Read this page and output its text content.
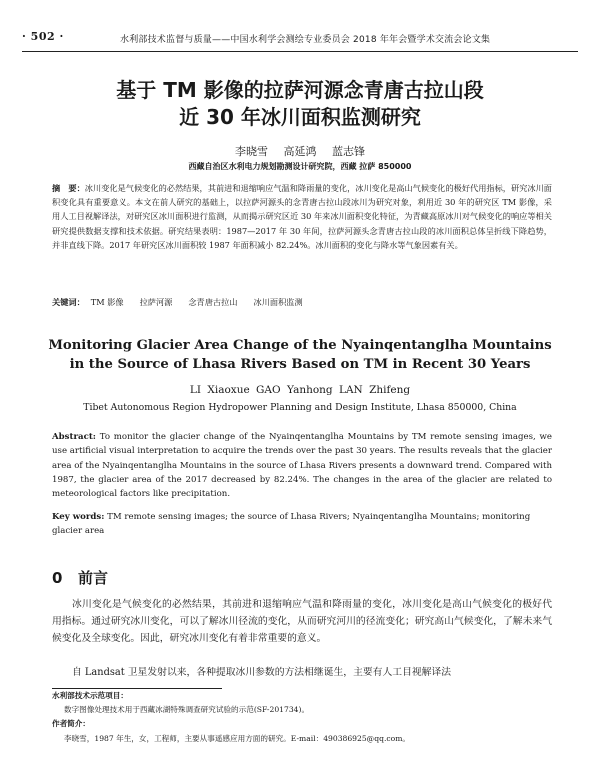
· 502 ·	水利部技术监督与质量——中国水利学会测绘专业委员会 2018 年年会暨学术交流会论文集
基于 TM 影像的拉萨河源念青唐古拉山段
近 30 年冰川面积监测研究
李晓雪 高延鸿 蓝志锋
西藏自治区水利电力规划勘测设计研究院，西藏 拉萨 850000
摘　要：冰川变化是气候变化的必然结果，其前进和退缩响应气温和降雨量的变化，冰川变化是高山气候变化的极好代用指标，研究冰川面积变化具有重要意义。本文在前人研究的基础上，以拉萨河源头的念青唐古拉山段冰川为研究对象，利用近 30 年的研究区 TM 影像，采用人工目视解译法，对研究区冰川面积进行监测，从而揭示研究区近 30 年来冰川面积变化特征，为青藏高原冰川对气候变化的响应等相关研究提供数据支撑和技术依据。研究结果表明：1987—2017 年 30 年间，拉萨河源头念青唐古拉山段的冰川面积总体呈折线下降趋势，并非直线下降。2017 年研究区冰川面积较 1987 年面积减小 82.24%。冰川面积的变化与降水等气象因素有关。
关键词： TM 影像 拉萨河源 念青唐古拉山 冰川面积监测
Monitoring Glacier Area Change of the Nyainqentanglha Mountains
in the Source of Lhasa Rivers Based on TM in Recent 30 Years
LI Xiaoxue GAO Yanhong LAN Zhifeng
Tibet Autonomous Region Hydropower Planning and Design Institute, Lhasa 850000, China
Abstract: To monitor the glacier change of the Nyainqentanglha Mountains by TM remote sensing images, we use artificial visual interpretation to acquire the trends over the past 30 years. The results reveals that the glacier area of the Nyainqentanglha Mountains in the source of Lhasa Rivers presents a downward trend. Compared with 1987, the glacier area of the 2017 decreased by 82.24%. The changes in the area of the glacier are related to meteorological factors like precipitation.
Key words: TM remote sensing images; the source of Lhasa Rivers; Nyainqentanglha Mountains; monitoring glacier area
0 前言
冰川变化是气候变化的必然结果，其前进和退缩响应气温和降雨量的变化，冰川变化是高山气候变化的极好代用指标。通过研究冰川变化，可以了解冰川径流的变化，从而研究河川的径流变化；研究高山气候变化，了解未来气候变化及全球变化。因此，研究冰川变化有着非常重要的意义。
自 Landsat 卫星发射以来，各种提取冰川参数的方法相继诞生，主要有人工目视解译法
水利部技术示范项目：
数字图像处理技术用于西藏冰湖特殊调查研究试验的示范(SF-201734)。
作者简介：
李晓雪，1987 年生，女，工程师，主要从事遥感应用方面的研究。E-mail：490386925@qq.com。
